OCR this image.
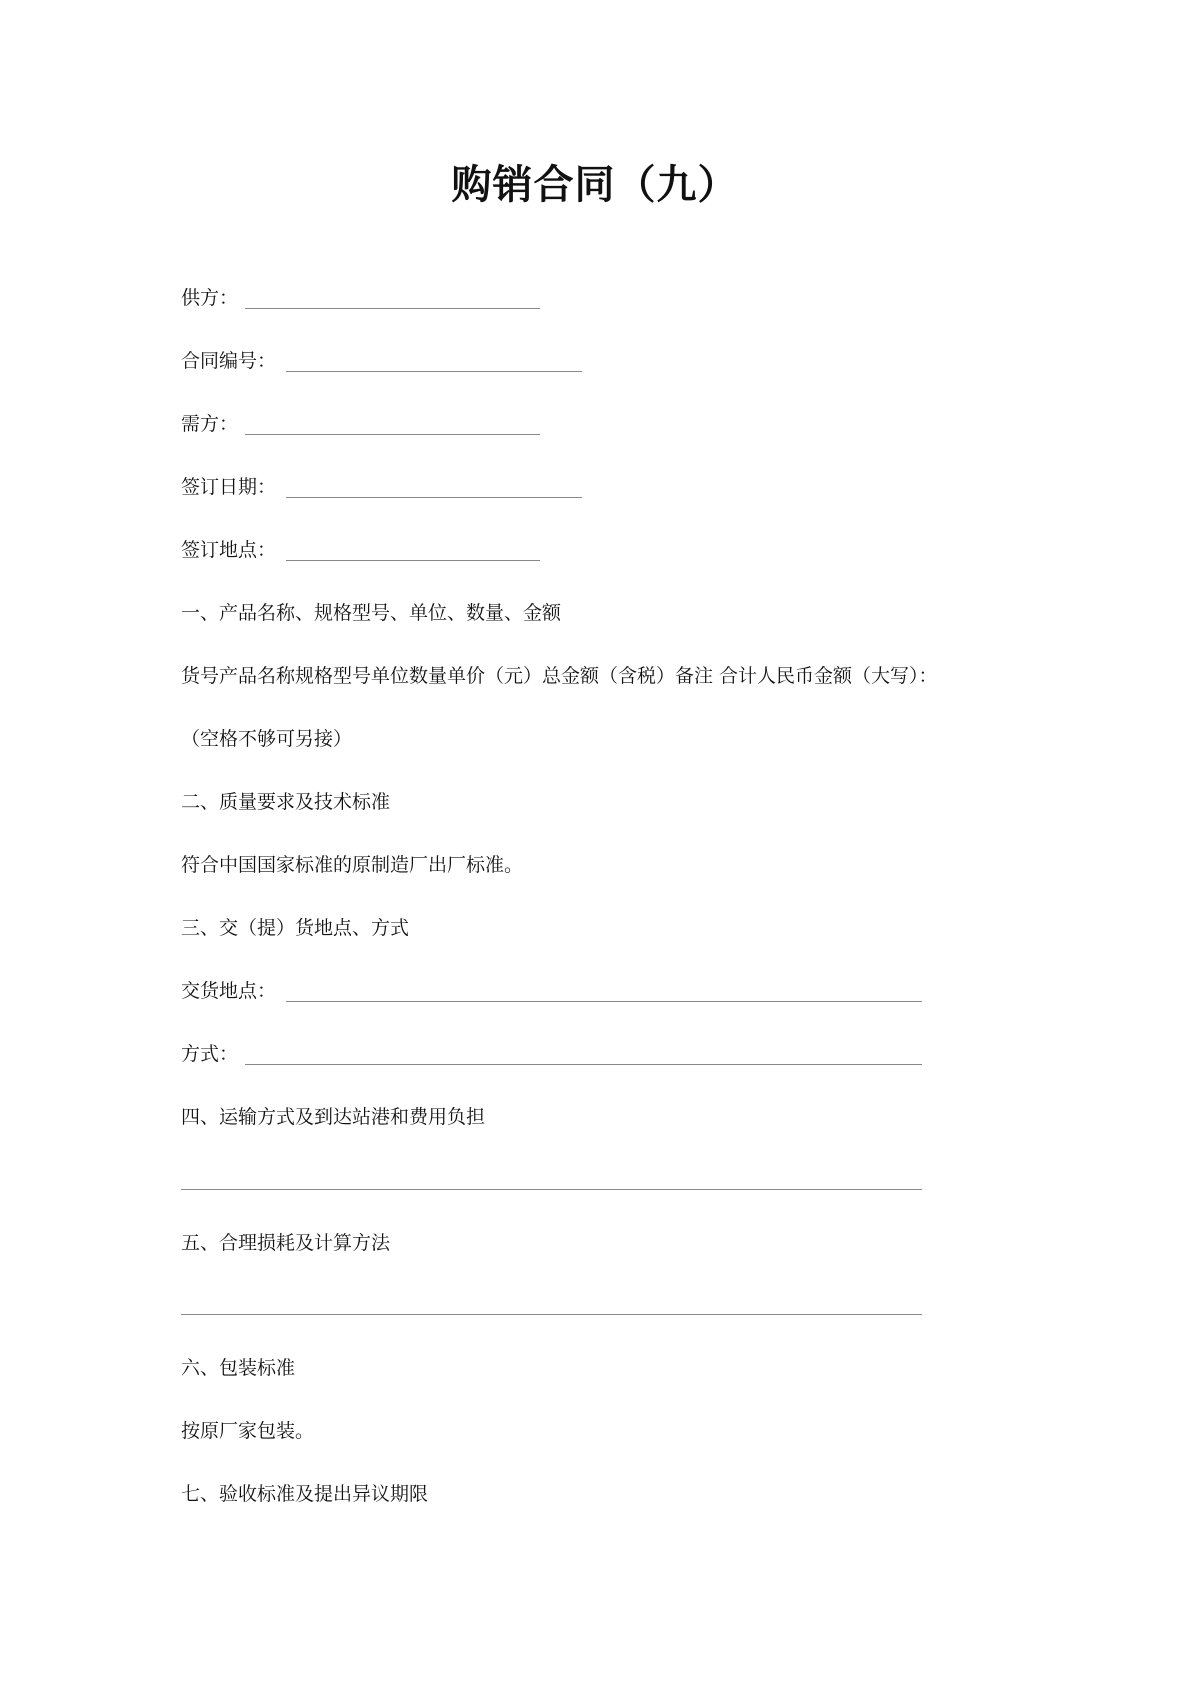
购销合同（九）
供方：
合同编号：
需方：
签订日期：
签订地点：
一、产品名称、规格型号、单位、数量、金额
货号产品名称规格型号单位数量单价（元）总金额（含税）备注 合计人民币金额（大写）：
（空格不够可另接）
二、质量要求及技术标准
符合中国国家标准的原制造厂出厂标准。
三、交（提）货地点、方式
交货地点：
方式：
四、运输方式及到达站港和费用负担
五、合理损耗及计算方法
六、包装标准
按原厂家包装。
七、验收标准及提出异议期限
